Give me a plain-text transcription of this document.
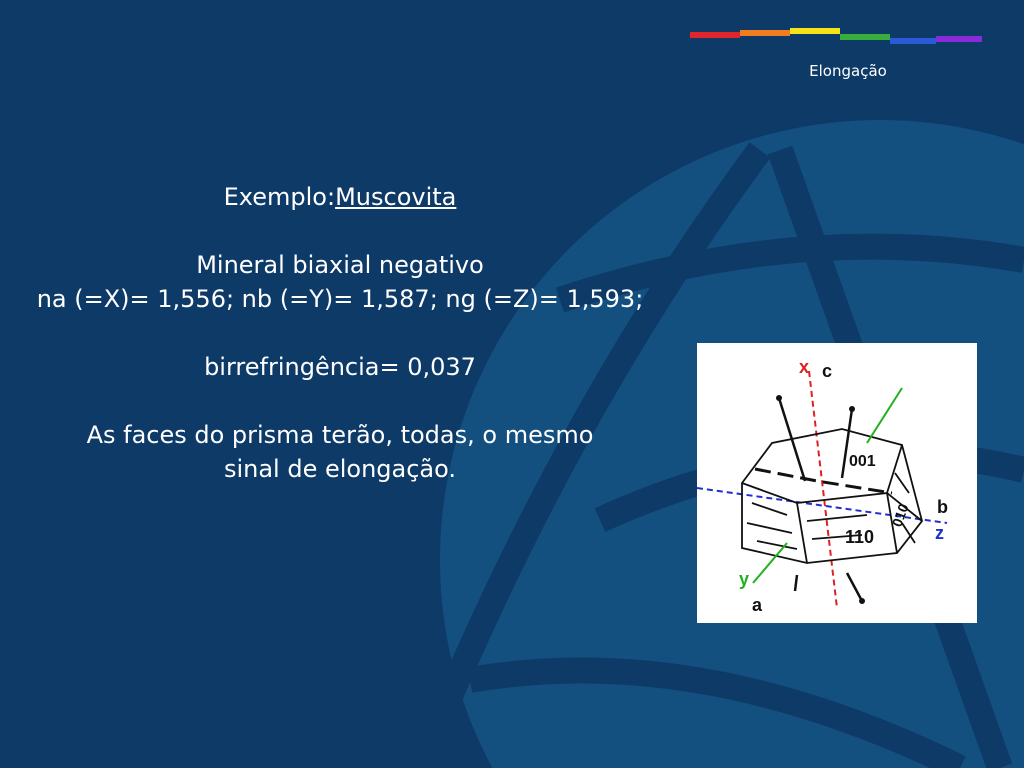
Elongação
Exemplo:Muscovita
Mineral biaxial negativo
na (=X)= 1,556; nb (=Y)= 1,587; ng (=Z)= 1,593;
birrefringência= 0,037
As faces do prisma terão, todas, o mesmo
sinal de elongação.
x c
001
b
010
z
110
y
a
